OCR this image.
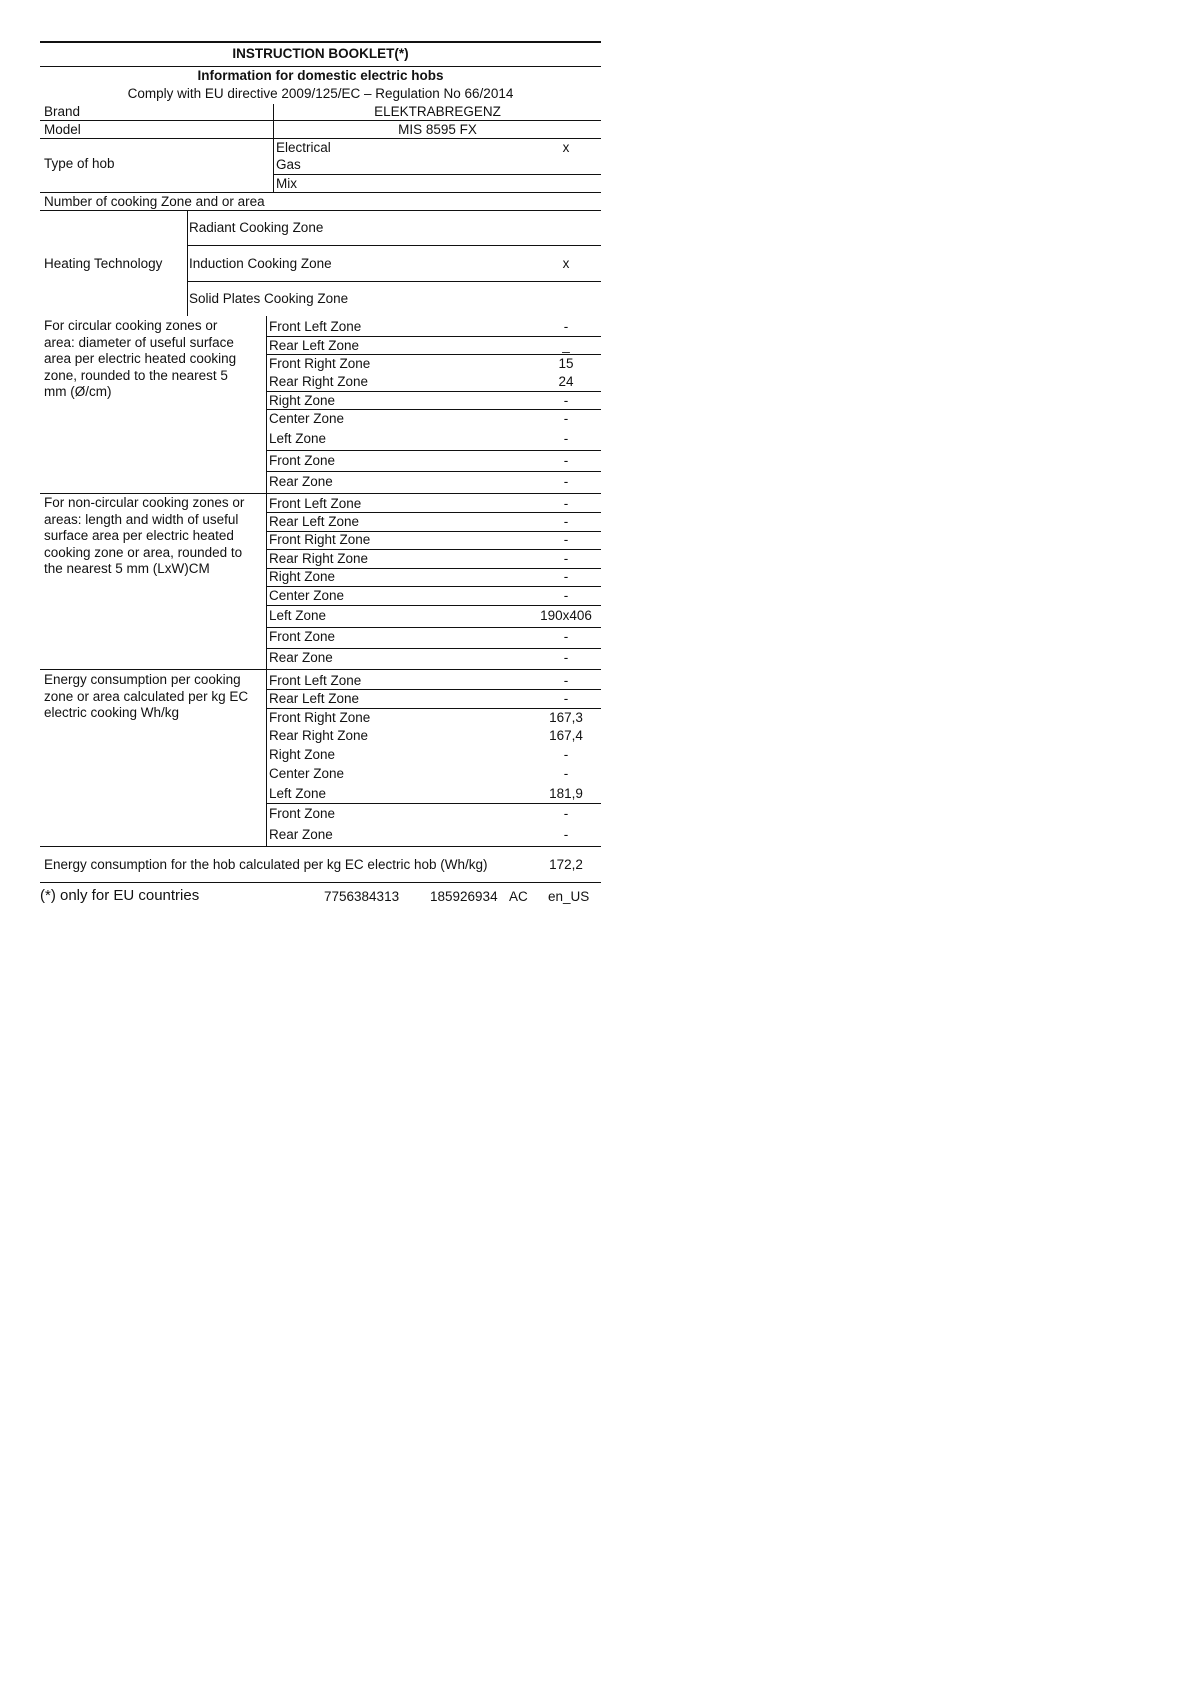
INSTRUCTION BOOKLET(*)
Information for domestic electric hobs
Comply with EU directive 2009/125/EC – Regulation No 66/2014
Brand	ELEKTRABREGENZ
Model	MIS 8595 FX
Type of hob
Electrical	x
Gas
Mix
Number of cooking Zone and or area
Heating Technology
Radiant Cooking Zone
Induction Cooking Zone	x
Solid Plates Cooking Zone
For circular cooking zones or
area: diameter of useful surface
area per electric heated cooking
zone, rounded to the nearest 5
mm (Ø/cm)
Front Left Zone	-
Rear Left Zone	_
Front Right Zone	15
Rear Right Zone	24
Right Zone	-
Center Zone	-
Left Zone	-
Front Zone	-
Rear Zone	-
For non-circular cooking zones or
areas: length and width of useful
surface area per electric heated
cooking zone or area, rounded to
the nearest 5 mm (LxW)CM
Front Left Zone	-
Rear Left Zone	-
Front Right Zone	-
Rear Right Zone	-
Right Zone	-
Center Zone	-
Left Zone	190x406
Front Zone	-
Rear Zone	-
Energy consumption per cooking
zone or area calculated per kg EC
electric cooking Wh/kg
Front Left Zone	-
Rear Left Zone	-
Front Right Zone	167,3
Rear Right Zone	167,4
Right Zone	-
Center Zone	-
Left Zone	181,9
Front Zone	-
Rear Zone	-
Energy consumption for the hob calculated per kg EC electric hob (Wh/kg)	172,2
(*) only for EU countries	7756384313 185926934 AC en_US
